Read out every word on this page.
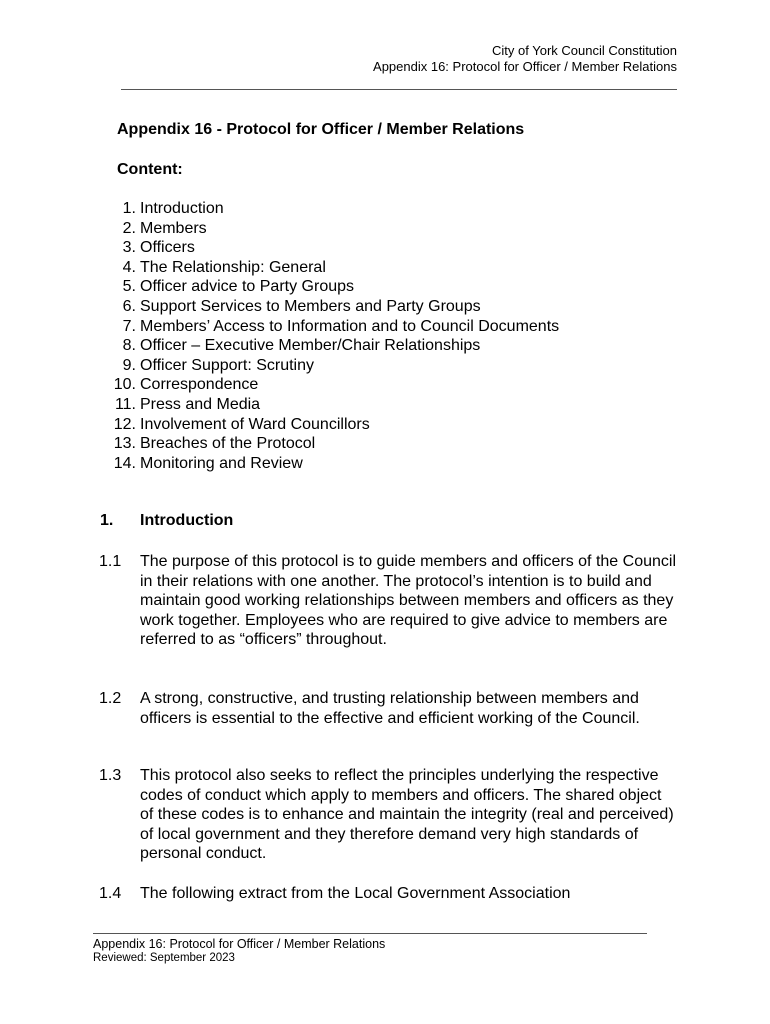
City of York Council Constitution
Appendix 16: Protocol for Officer / Member Relations
Appendix 16 - Protocol for Officer / Member Relations
Content:
1. Introduction
2. Members
3. Officers
4. The Relationship: General
5. Officer advice to Party Groups
6. Support Services to Members and Party Groups
7. Members’ Access to Information and to Council Documents
8. Officer – Executive Member/Chair Relationships
9. Officer Support: Scrutiny
10. Correspondence
11. Press and Media
12. Involvement of Ward Councillors
13. Breaches of the Protocol
14. Monitoring and Review
1.	Introduction
1.1	The purpose of this protocol is to guide members and officers of the Council in their relations with one another. The protocol’s intention is to build and maintain good working relationships between members and officers as they work together. Employees who are required to give advice to members are referred to as “officers” throughout.
1.2	A strong, constructive, and trusting relationship between members and officers is essential to the effective and efficient working of the Council.
1.3	This protocol also seeks to reflect the principles underlying the respective codes of conduct which apply to members and officers. The shared object of these codes is to enhance and maintain the integrity (real and perceived) of local government and they therefore demand very high standards of personal conduct.
1.4	The following extract from the Local Government Association
Appendix 16: Protocol for Officer / Member Relations
Reviewed: September 2023
